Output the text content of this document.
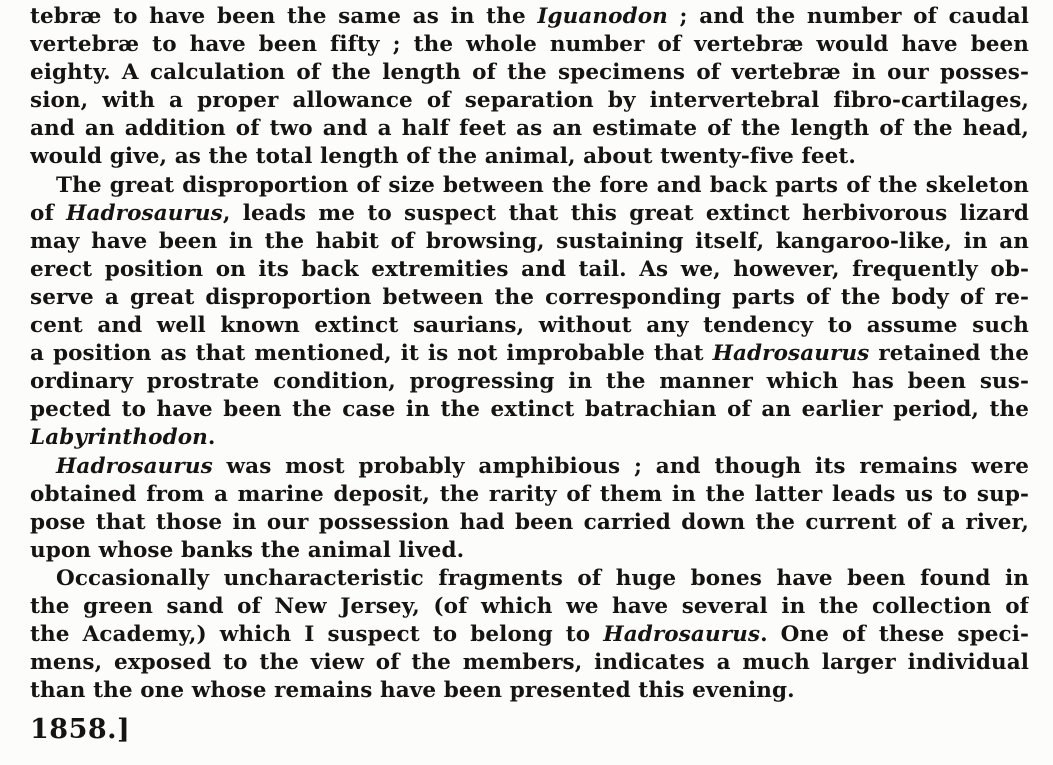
tebræ to have been the same as in the Iguanodon ; and the number of caudal
vertebræ to have been fifty ; the whole number of vertebræ would have been
eighty. A calculation of the length of the specimens of vertebræ in our posses-
sion, with a proper allowance of separation by intervertebral fibro-cartilages,
and an addition of two and a half feet as an estimate of the length of the head,
would give, as the total length of the animal, about twenty-five feet.
The great disproportion of size between the fore and back parts of the skeleton
of Hadrosaurus, leads me to suspect that this great extinct herbivorous lizard
may have been in the habit of browsing, sustaining itself, kangaroo-like, in an
erect position on its back extremities and tail. As we, however, frequently ob-
serve a great disproportion between the corresponding parts of the body of re-
cent and well known extinct saurians, without any tendency to assume such
a position as that mentioned, it is not improbable that Hadrosaurus retained the
ordinary prostrate condition, progressing in the manner which has been sus-
pected to have been the case in the extinct batrachian of an earlier period, the
Labyrinthodon.
Hadrosaurus was most probably amphibious ; and though its remains were
obtained from a marine deposit, the rarity of them in the latter leads us to sup-
pose that those in our possession had been carried down the current of a river,
upon whose banks the animal lived.
Occasionally uncharacteristic fragments of huge bones have been found in
the green sand of New Jersey, (of which we have several in the collection of
the Academy,) which I suspect to belong to Hadrosaurus. One of these speci-
mens, exposed to the view of the members, indicates a much larger individual
than the one whose remains have been presented this evening.
1858.]
